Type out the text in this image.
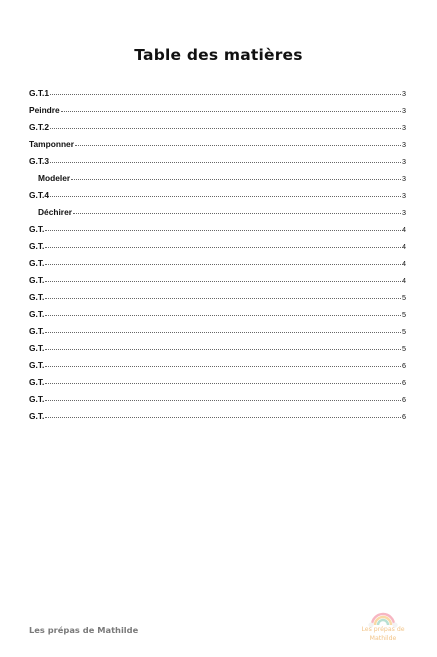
Table des matières
G.T.1	3
Peindre	3
G.T.2	3
Tamponner	3
G.T.3	3
Modeler	3
G.T.4	3
Déchirer	3
G.T.	4
G.T.	4
G.T.	4
G.T.	4
G.T.	5
G.T.	5
G.T.	5
G.T.	5
G.T.	6
G.T.	6
G.T.	6
G.T.	6
Les prépas de Mathilde	Les prépas de
Mathilde
